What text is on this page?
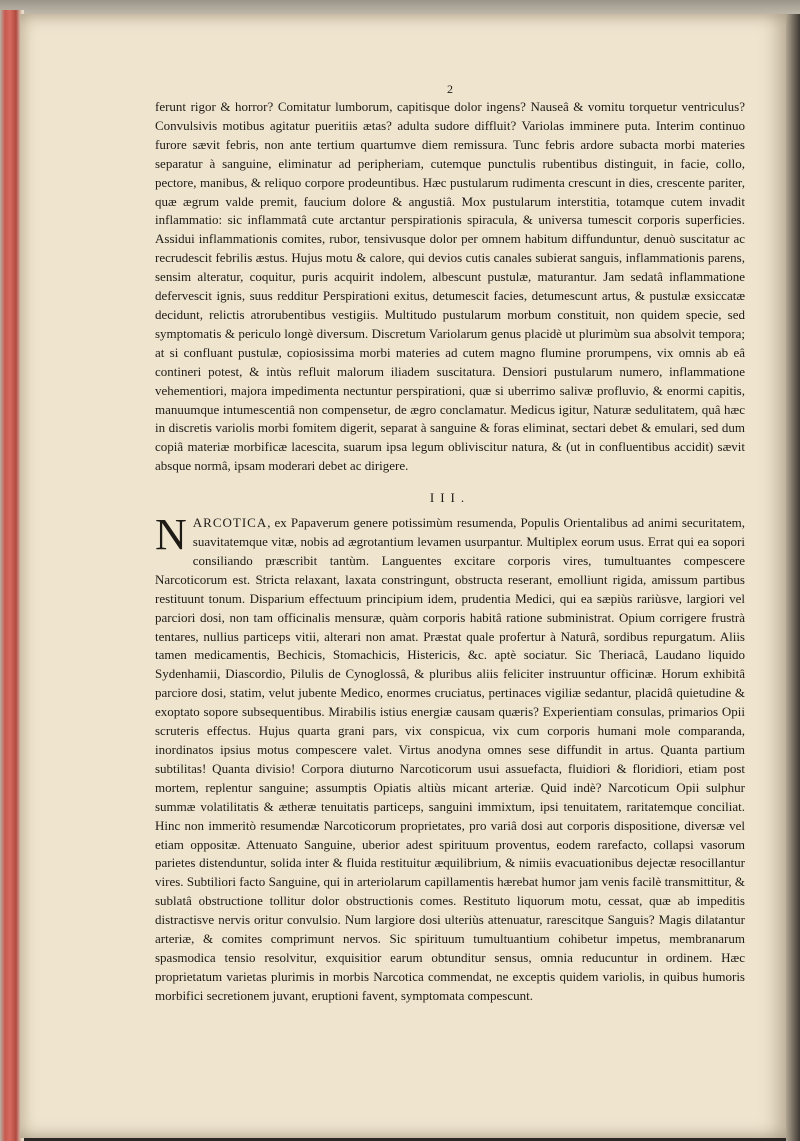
2

ferunt rigor & horror? Comitatur lumborum, capitisque dolor ingens? Nauseâ & vomitu torquetur ventriculus? Convulsivis motibus agitatur pueritiis ætas? adulta sudore diffluit? Variolas imminere puta. Interim continuo furore sævit febris, non ante tertium quartumve diem remissura. Tunc febris ardore subacta morbi materies separatur à sanguine, eliminatur ad peripheriam, cutemque punctulis rubentibus distinguit, in facie, collo, pectore, manibus, & reliquo corpore prodeuntibus. Hæc pustularum rudimenta crescunt in dies, crescente pariter, quæ ægrum valde premit, faucium dolore & angustiâ. Mox pustularum interstitia, totamque cutem invadit inflammatio: sic inflammatâ cute arctantur perspirationis spiracula, & universa tumescit corporis superficies. Assidui inflammationis comites, rubor, tensivusque dolor per omnem habitum diffunduntur, denuò suscitatur ac recrudescit febrilis æstus. Hujus motu & calore, qui devios cutis canales subierat sanguis, inflammationis parens, sensim alteratur, coquitur, puris acquirit indolem, albescunt pustulæ, maturantur. Jam sedatâ inflammatione defervescit ignis, suus redditur Perspirationi exitus, detumescit facies, detumescunt artus, & pustulæ exsiccatæ decidunt, relictis atrorubentibus vestigiis. Multitudo pustularum morbum constituit, non quidem specie, sed symptomatis & periculo longè diversum. Discretum Variolarum genus placidè ut plurimùm sua absolvit tempora; at si confluant pustulæ, copiosissima morbi materies ad cutem magno flumine prorumpens, vix omnis ab eâ contineri potest, & intùs refluit malorum iliadem suscitatura. Densiori pustularum numero, inflammatione vehementiori, majora impedimenta nectuntur perspirationi, quæ si uberrimo salivæ profluvio, & enormi capitis, manuumque intumescentiâ non compensetur, de ægro conclamatur. Medicus igitur, Naturæ sedulitatem, quâ hæc in discretis variolis morbi fomitem digerit, separat à sanguine & foras eliminat, sectari debet & emulari, sed dum copiâ materiæ morbificæ lacescita, suarum ipsa legum obliviscitur natura, & (ut in confluentibus accidit) sævit absque normâ, ipsam moderari debet ac dirigere.

III.

NARCOTICA, ex Papaverum genere potissimùm resumenda, Populis Orientalibus ad animi securitatem, suavitatemque vitæ, nobis ad ægrotantium levamen usurpantur. Multiplex eorum usus. Errat qui ea sopori consiliando præscribit tantùm. Languentes excitare corporis vires, tumultuantes compescere Narcoticorum est. Stricta relaxant, laxata constringunt, obstructa reserant, emolliunt rigida, amissum partibus restituunt tonum. Disparium effectuum principium idem, prudentia Medici, qui ea sæpiùs rariùsve, largiori vel parciori dosi, non tam officinalis mensuræ, quàm corporis habitâ ratione subministrat. Opium corrigere frustrà tentares, nullius particeps vitii, alterari non amat. Præstat quale profertur à Naturâ, sordibus repurgatum. Aliis tamen medicamentis, Bechicis, Stomachicis, Histericis, &c. aptè sociatur. Sic Theriacâ, Laudano liquido Sydenhamii, Diascordio, Pilulis de Cynoglossâ, & pluribus aliis feliciter instruuntur officinæ. Horum exhibitâ parciore dosi, statim, velut jubente Medico, enormes cruciatus, pertinaces vigiliæ sedantur, placidâ quietudine & exoptato sopore subsequentibus. Mirabilis istius energiæ causam quæris? Experientiam consulas, primarios Opii scruteris effectus. Hujus quarta grani pars, vix conspicua, vix cum corporis humani mole comparanda, inordinatos ipsius motus compescere valet. Virtus anodyna omnes sese diffundit in artus. Quanta partium subtilitas! Quanta divisio! Corpora diuturno Narcoticorum usui assuefacta, fluidiori & floridiori, etiam post mortem, replentur sanguine; assumptis Opiatis altiùs micant arteriæ. Quid indè? Narcoticum Opii sulphur summæ volatilitatis & ætheræ tenuitatis particeps, sanguini immixtum, ipsi tenuitatem, raritatemque conciliat. Hinc non immeritò resumendæ Narcoticorum proprietates, pro variâ dosi aut corporis dispositione, diversæ vel etiam oppositæ. Attenuato Sanguine, uberior adest spirituum proventus, eodem rarefacto, collapsi vasorum parietes distenduntur, solida inter & fluida restituitur æquilibrium, & nimiis evacuationibus dejectæ resocillantur vires. Subtiliori facto Sanguine, qui in arteriolarum capillamentis hærebat humor jam venis facilè transmittitur, & sublatâ obstructione tollitur dolor obstructionis comes. Restituto liquorum motu, cessat, quæ ab impeditis distractisve nervis oritur convulsio. Num largiore dosi ulteriùs attenuatur, rarescitque Sanguis? Magis dilatantur arteriæ, & comites comprimunt nervos. Sic spirituum tumultuantium cohibetur impetus, membranarum spasmodica tensio resolvitur, exquisitior earum obtunditur sensus, omnia reducuntur in ordinem. Hæc proprietatum varietas plurimis in morbis Narcotica commendat, ne exceptis quidem variolis, in quibus humoris morbifici secretionem juvant, eruptioni favent, symptomata compescunt.
